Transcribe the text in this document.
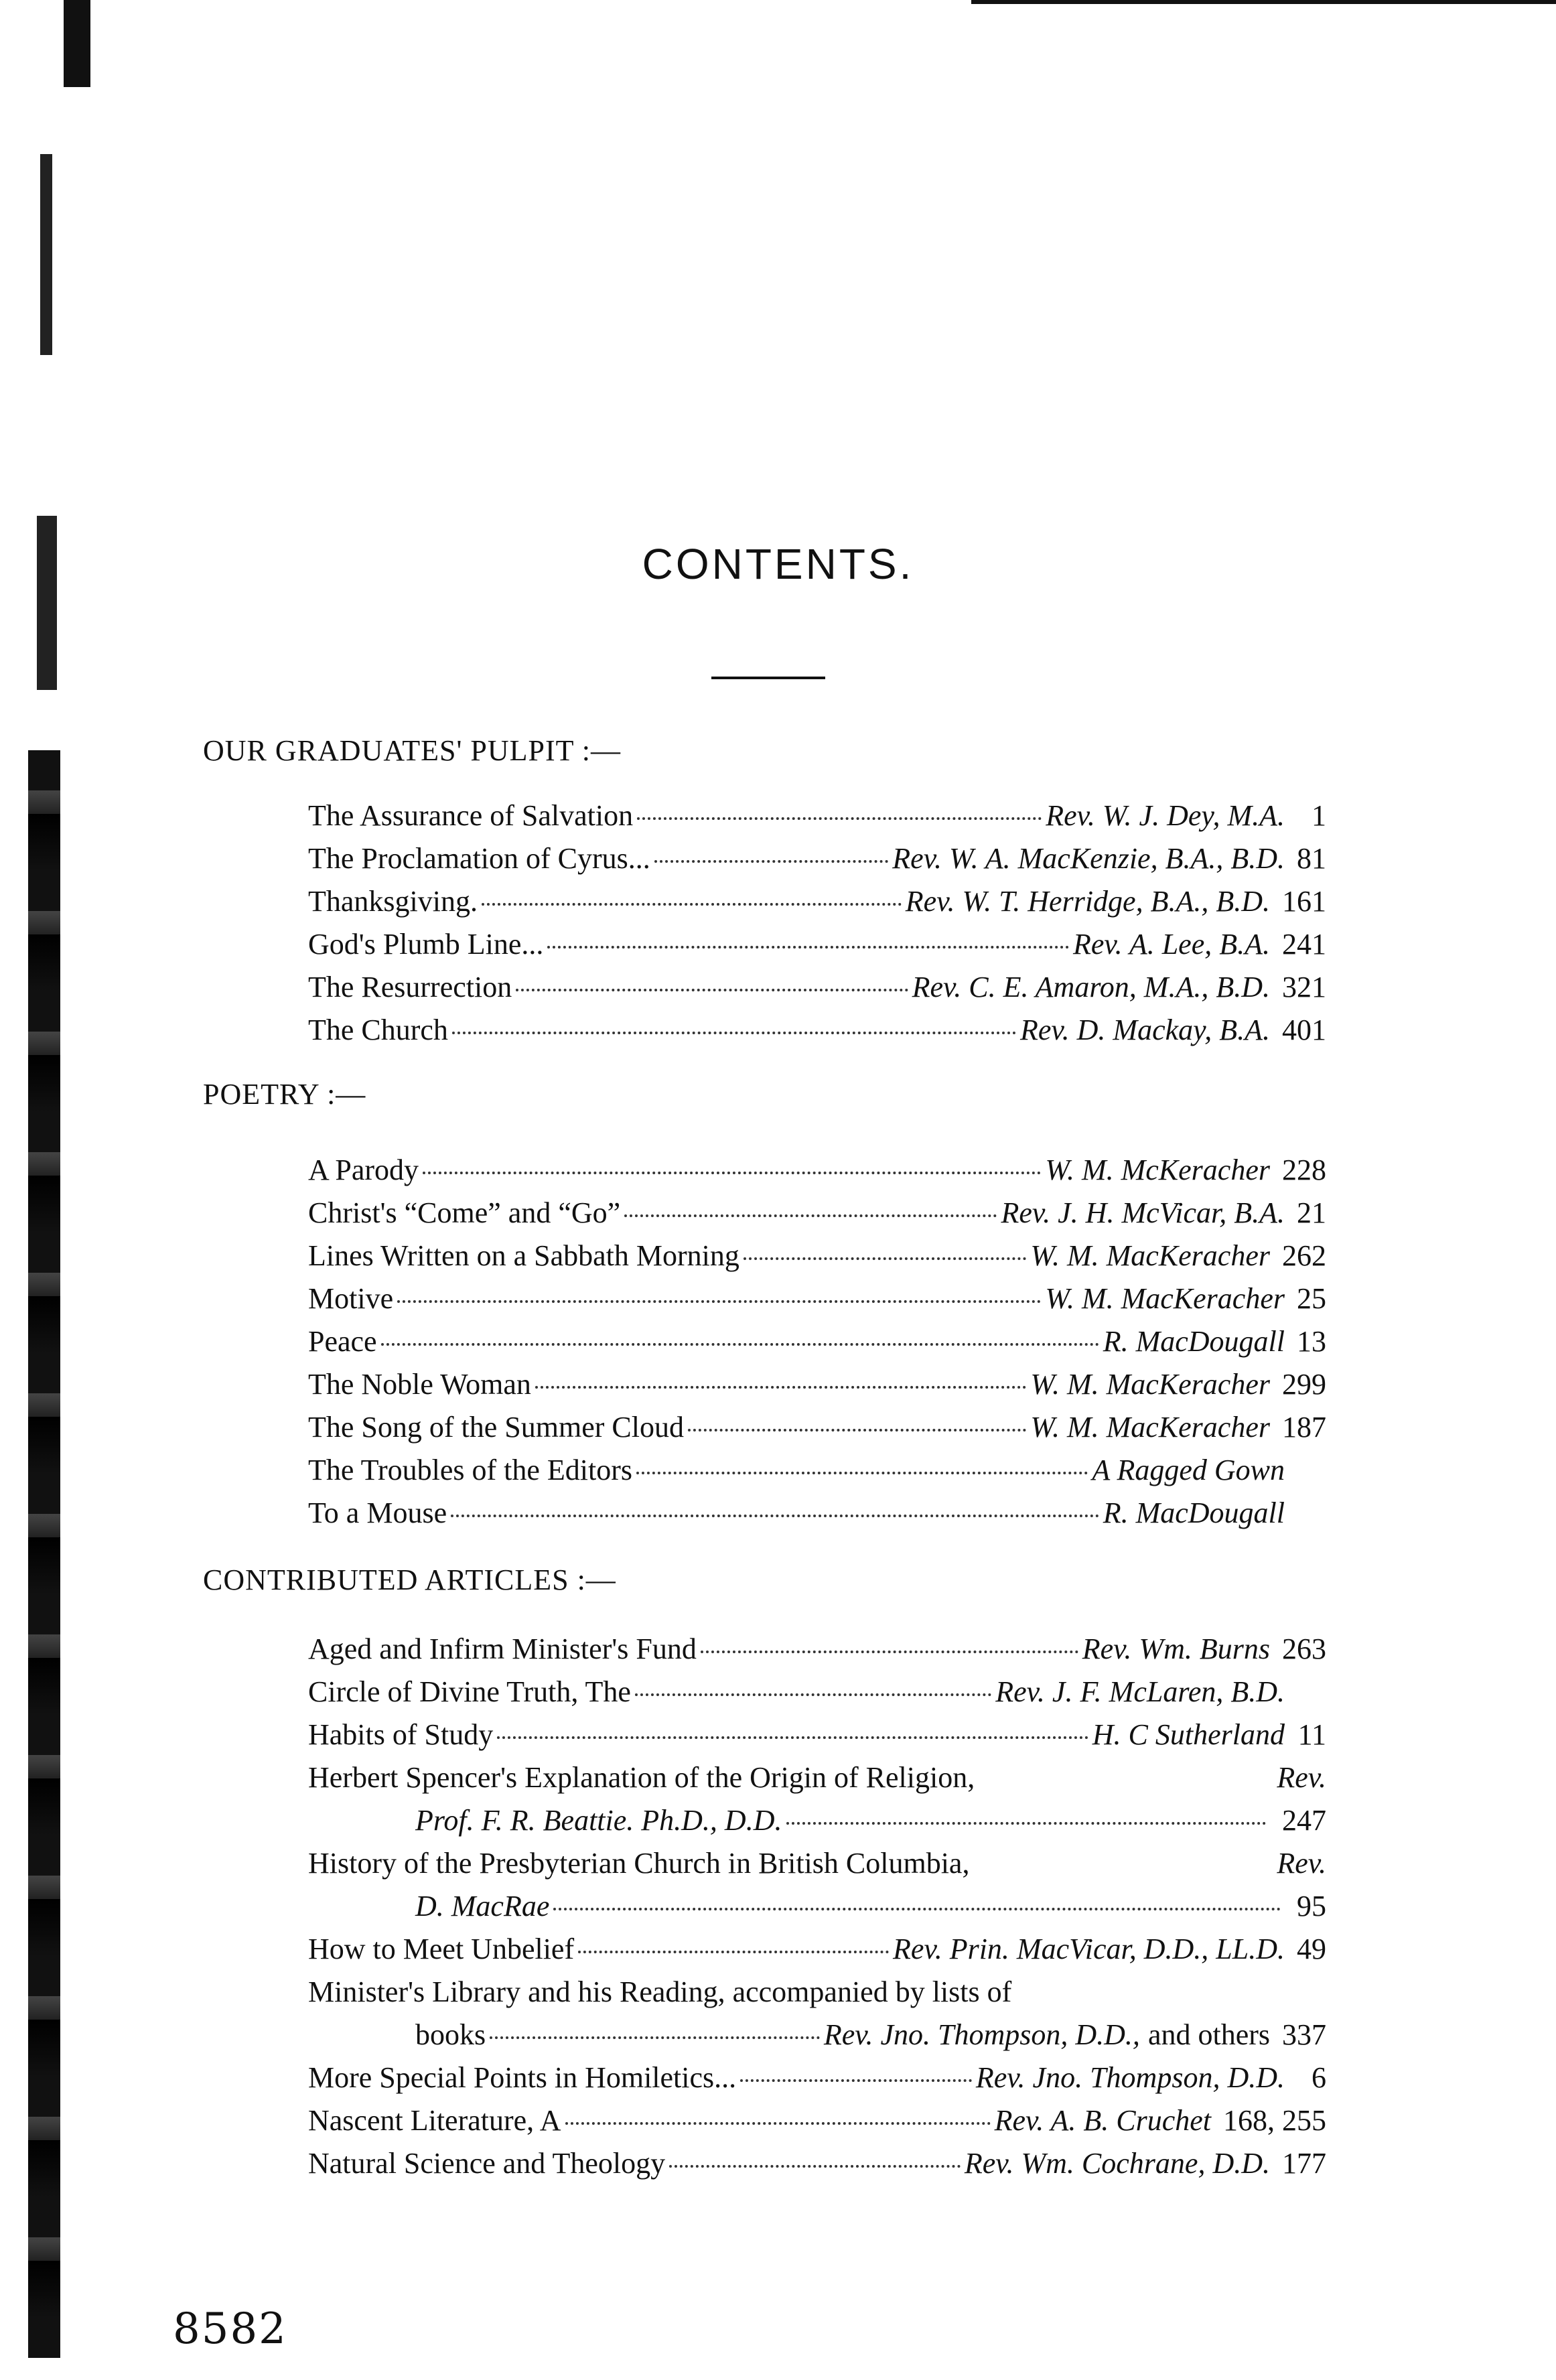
CONTENTS.
OUR GRADUATES' PULPIT :—
The Assurance of Salvation	Rev. W. J. Dey, M.A. 1
The Proclamation of Cyrus...	Rev. W. A. MacKenzie, B.A., B.D. 81
Thanksgiving.	Rev. W. T. Herridge, B.A., B.D. 161
God's Plumb Line...	Rev. A. Lee, B.A. 241
The Resurrection	Rev. C. E. Amaron, M.A., B.D. 321
The Church	Rev. D. Mackay, B.A. 401
POETRY :—
A Parody	W. M. McKeracher 228
Christ's “Come” and “Go”	Rev. J. H. McVicar, B.A. 21
Lines Written on a Sabbath Morning	W. M. MacKeracher 262
Motive	W. M. MacKeracher 25
Peace	R. MacDougall 13
The Noble Woman	W. M. MacKeracher 299
The Song of the Summer Cloud	W. M. MacKeracher 187
The Troubles of the Editors	A Ragged Gown
To a Mouse	R. MacDougall
CONTRIBUTED ARTICLES :—
Aged and Infirm Minister's Fund	Rev. Wm. Burns 263
Circle of Divine Truth, The	Rev. J. F. McLaren, B.D.
Habits of Study	H. C Sutherland 11
Herbert Spencer's Explanation of the Origin of Religion,	Rev.
Prof. F. R. Beattie. Ph.D., D.D.	247
History of the Presbyterian Church in British Columbia,	Rev.
D. MacRae	95
How to Meet Unbelief	Rev. Prin. MacVicar, D.D., LL.D. 49
Minister's Library and his Reading, accompanied by lists of
books	Rev. Jno. Thompson, D.D., and others 337
More Special Points in Homiletics...	Rev. Jno. Thompson, D.D. 6
Nascent Literature, A	Rev. A. B. Cruchet 168, 255
Natural Science and Theology	Rev. Wm. Cochrane, D.D. 177
8582
